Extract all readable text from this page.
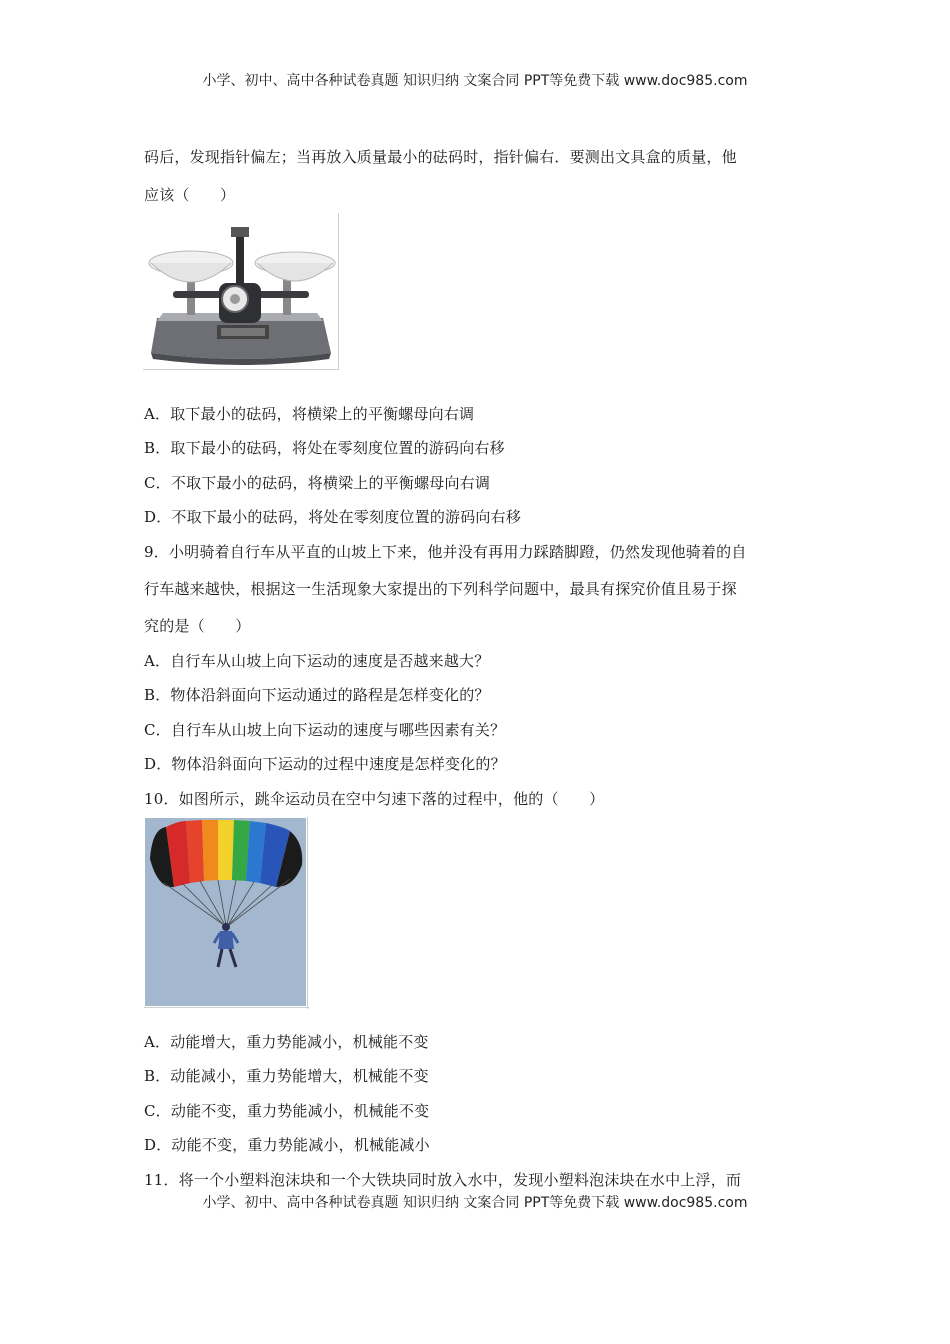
小学、初中、高中各种试卷真题 知识归纳 文案合同 PPT等免费下载 www.doc985.com
码后，发现指针偏左；当再放入质量最小的砝码时，指针偏右．要测出文具盒的质量，他
应该（　　）
A．取下最小的砝码，将横梁上的平衡螺母向右调
B．取下最小的砝码，将处在零刻度位置的游码向右移
C．不取下最小的砝码，将横梁上的平衡螺母向右调
D．不取下最小的砝码，将处在零刻度位置的游码向右移
9．小明骑着自行车从平直的山坡上下来，他并没有再用力踩踏脚蹬，仍然发现他骑着的自
行车越来越快，根据这一生活现象大家提出的下列科学问题中，最具有探究价值且易于探
究的是（　　）
A．自行车从山坡上向下运动的速度是否越来越大？
B．物体沿斜面向下运动通过的路程是怎样变化的？
C．自行车从山坡上向下运动的速度与哪些因素有关？
D．物体沿斜面向下运动的过程中速度是怎样变化的？
10．如图所示，跳伞运动员在空中匀速下落的过程中，他的（　　）
A．动能增大，重力势能减小，机械能不变
B．动能减小，重力势能增大，机械能不变
C．动能不变，重力势能减小，机械能不变
D．动能不变，重力势能减小，机械能减小
11．将一个小塑料泡沫块和一个大铁块同时放入水中，发现小塑料泡沫块在水中上浮，而
小学、初中、高中各种试卷真题 知识归纳 文案合同 PPT等免费下载 www.doc985.com
